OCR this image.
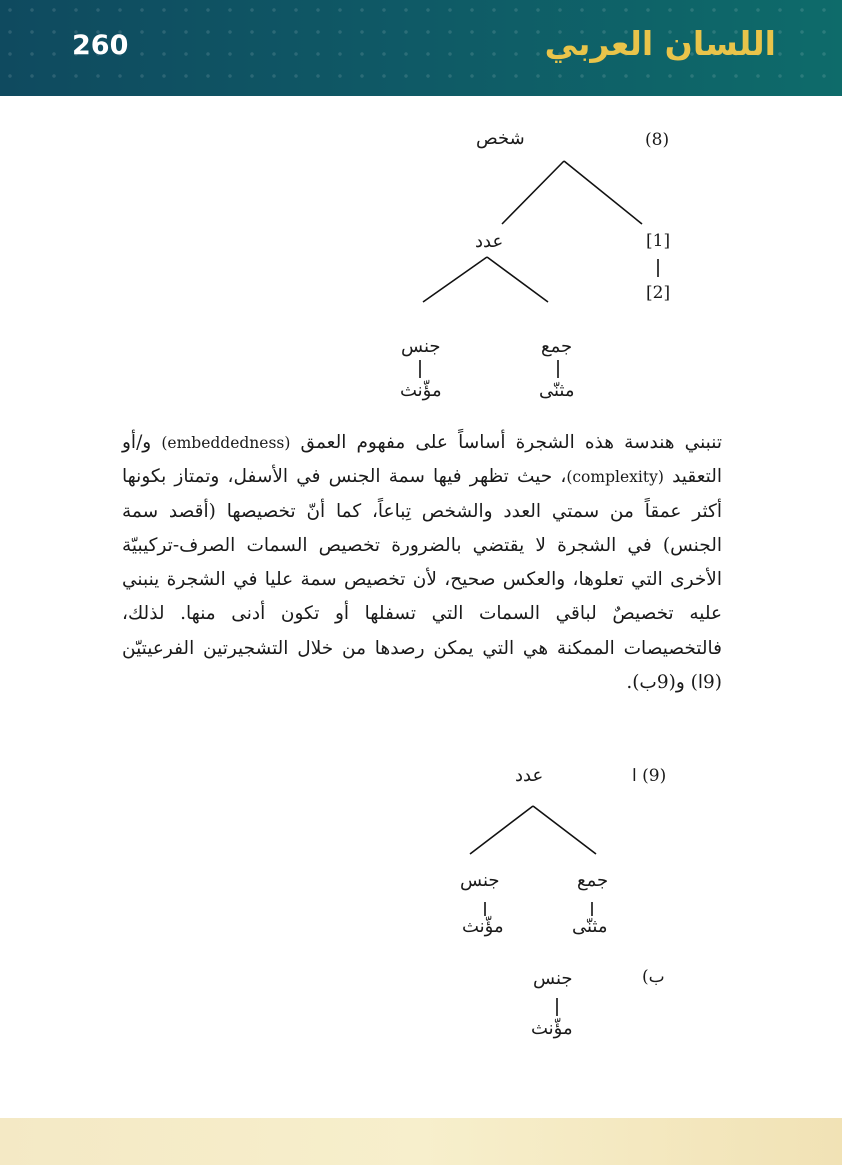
260	اللسان العربي
(8)
شخص
عدد	[1]
[2]
جنس
مؤّنث
جمع
مثنّى

تنبني هندسة هذه الشجرة أساساً على مفهوم العمق (embeddedness) و/أو التعقيد (complexity)، حيث تظهر فيها سمة الجنس في الأسفل، وتمتاز بكونها أكثر عمقاً من سمتي العدد والشخص تِباعاً، كما أنّ تخصيصها (أقصد سمة الجنس) في الشجرة لا يقتضي بالضرورة تخصيص السمات الصرف-تركيبيّة الأخرى التي تعلوها، والعكس صحيح، لأن تخصيص سمة عليا في الشجرة ينبني عليه تخصيصٌ لباقي السمات التي تسفلها أو تكون أدنى منها. لذلك، فالتخصيصات الممكنة هي التي يمكن رصدها من خلال التشجيرتين الفرعيتيّن (9ا) و(9ب).

(9) ا
عدد
جنس
مؤّنث
جمع
مثنّى
ب)
جنس
مؤّنث
